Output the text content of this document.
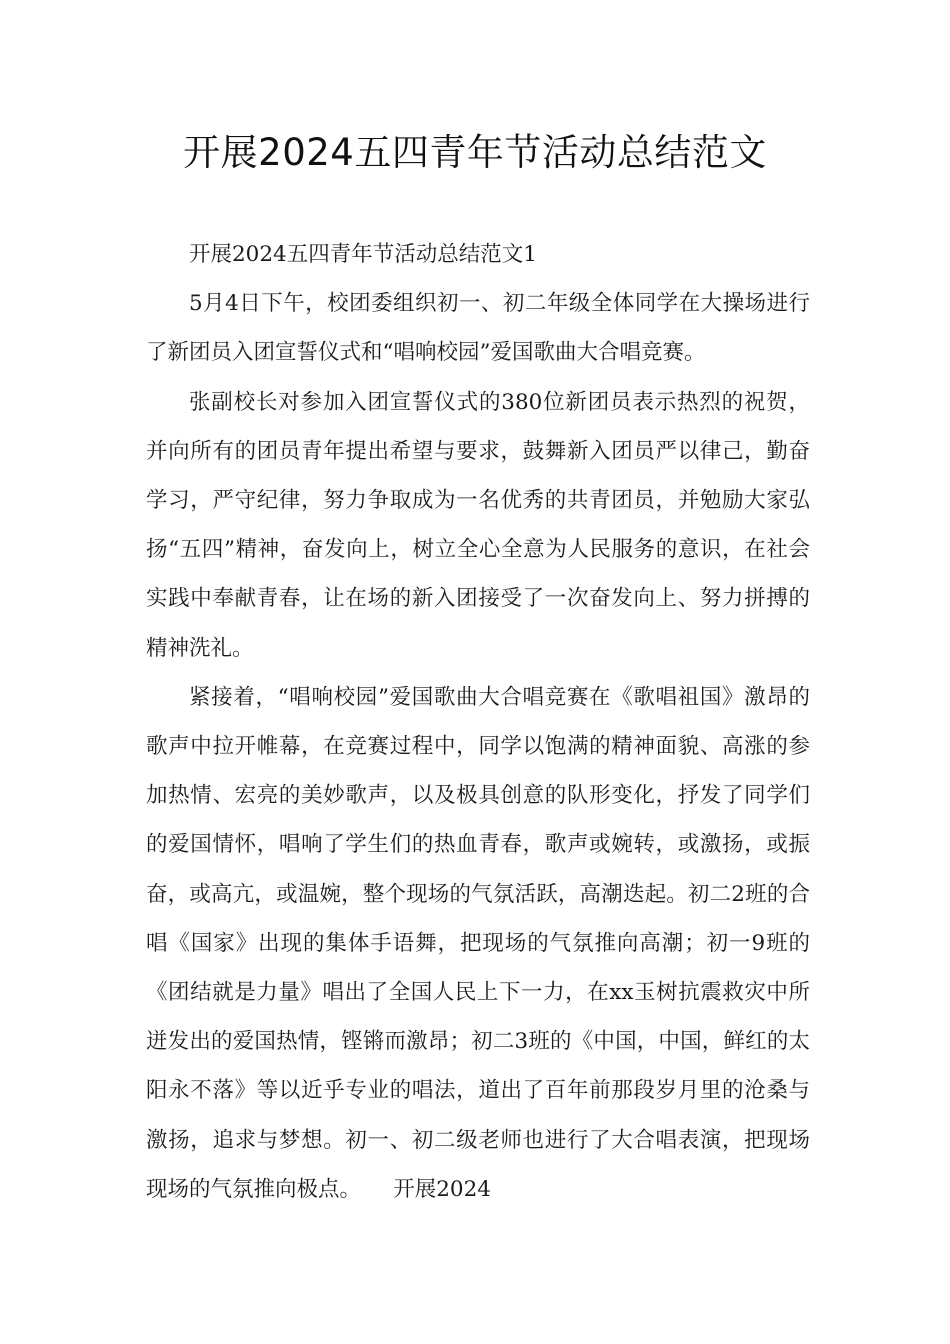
开展2024五四青年节活动总结范文

开展2024五四青年节活动总结范文1

5月4日下午，校团委组织初一、初二年级全体同学在大操场进行了新团员入团宣誓仪式和“唱响校园”爱国歌曲大合唱竞赛。

张副校长对参加入团宣誓仪式的380位新团员表示热烈的祝贺，并向所有的团员青年提出希望与要求，鼓舞新入团员严以律己，勤奋学习，严守纪律，努力争取成为一名优秀的共青团员，并勉励大家弘扬“五四”精神，奋发向上，树立全心全意为人民服务的意识，在社会实践中奉献青春，让在场的新入团接受了一次奋发向上、努力拼搏的精神洗礼。

紧接着，“唱响校园”爱国歌曲大合唱竞赛在《歌唱祖国》激昂的歌声中拉开帷幕，在竞赛过程中，同学以饱满的精神面貌、高涨的参加热情、宏亮的美妙歌声，以及极具创意的队形变化，抒发了同学们的爱国情怀，唱响了学生们的热血青春，歌声或婉转，或激扬，或振奋，或高亢，或温婉，整个现场的气氛活跃，高潮迭起。初二2班的合唱《国家》出现的集体手语舞，把现场的气氛推向高潮；初一9班的《团结就是力量》唱出了全国人民上下一力，在xx玉树抗震救灾中所迸发出的爱国热情，铿锵而激昂；初二3班的《中国，中国，鲜红的太阳永不落》等以近乎专业的唱法，道出了百年前那段岁月里的沧桑与激扬，追求与梦想。初一、初二级老师也进行了大合唱表演，把现场现场的气氛推向极点。　　开展2024
